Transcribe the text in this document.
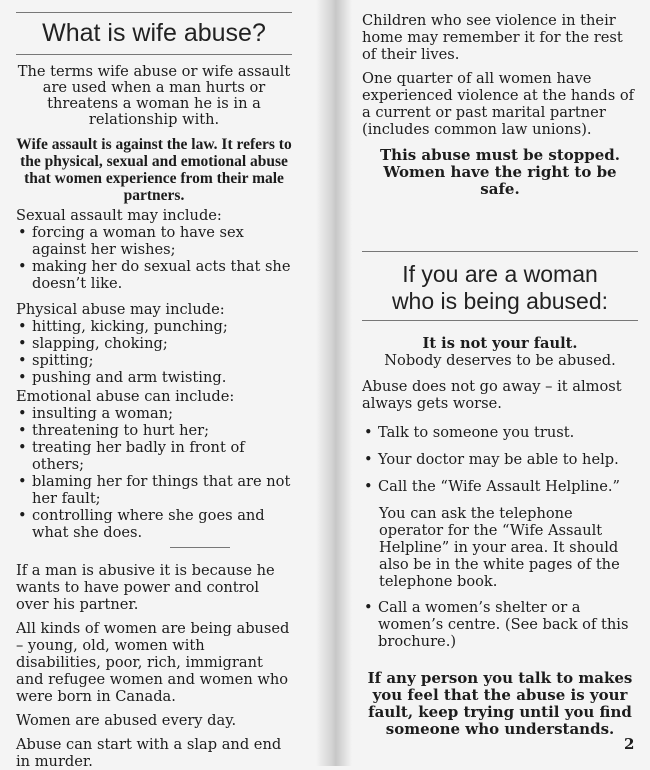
What is wife abuse?

The terms wife abuse or wife assault are used when a man hurts or threatens a woman he is in a relationship with.

Wife assault is against the law. It refers to the physical, sexual and emotional abuse that women experience from their male partners.

Sexual assault may include:

• forcing a woman to have sex against her wishes;
• making her do sexual acts that she doesn’t like.

Physical abuse may include:

• hitting, kicking, punching;
• slapping, choking;
• spitting;
• pushing and arm twisting.

Emotional abuse can include:

• insulting a woman;
• threatening to hurt her;
• treating her badly in front of others;
• blaming her for things that are not her fault;
• controlling where she goes and what she does.

If a man is abusive it is because he wants to have power and control over his partner.

All kinds of women are being abused – young, old, women with disabilities, poor, rich, immigrant and refugee women and women who were born in Canada.

Women are abused every day.

Abuse can start with a slap and end in murder.

Children who see violence in their home may remember it for the rest of their lives.

One quarter of all women have experienced violence at the hands of a current or past marital partner (includes common law unions).

This abuse must be stopped. Women have the right to be safe.

If you are a woman
who is being abused:

It is not your fault.

Nobody deserves to be abused.

Abuse does not go away – it almost always gets worse.

• Talk to someone you trust.
• Your doctor may be able to help.
• Call the “Wife Assault Helpline.”

You can ask the telephone operator for the “Wife Assault Helpline” in your area. It should also be in the white pages of the telephone book.

• Call a women’s shelter or a women’s centre. (See back of this brochure.)

If any person you talk to makes you feel that the abuse is your fault, keep trying until you find someone who understands.

2
